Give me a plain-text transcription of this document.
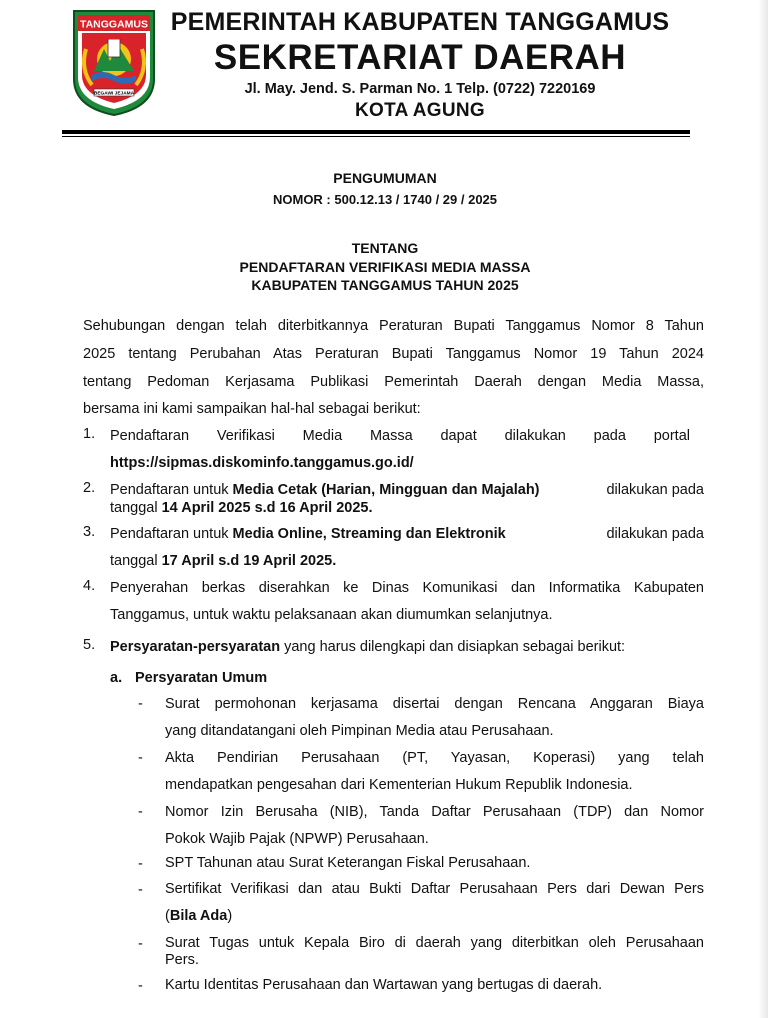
TANGGAMUS
BEGAWI JEJAMA
PEMERINTAH KABUPATEN TANGGAMUS
SEKRETARIAT DAERAH
Jl. May. Jend. S. Parman No. 1 Telp. (0722) 7220169
KOTA AGUNG
PENGUMUMAN
NOMOR : 500.12.13 / 1740 / 29 / 2025
TENTANG
PENDAFTARAN VERIFIKASI MEDIA MASSA
KABUPATEN TANGGAMUS TAHUN 2025
Sehubungan dengan telah diterbitkannya Peraturan Bupati Tanggamus Nomor 8 Tahun
2025 tentang Perubahan Atas Peraturan Bupati Tanggamus Nomor 19 Tahun 2024
tentang Pedoman Kerjasama Publikasi Pemerintah Daerah dengan Media Massa,
bersama ini kami sampaikan hal-hal sebagai berikut:
1. Pendaftaran Verifikasi Media Massa dapat dilakukan pada portal
https://sipmas.diskominfo.tanggamus.go.id/
2. Pendaftaran untuk Media Cetak (Harian, Mingguan dan Majalah)	dilakukan pada
tanggal 14 April 2025 s.d 16 April 2025.
3. Pendaftaran untuk Media Online, Streaming dan Elektronik	dilakukan pada
tanggal 17 April s.d 19 April 2025.
4. Penyerahan berkas diserahkan ke Dinas Komunikasi dan Informatika Kabupaten
Tanggamus, untuk waktu pelaksanaan akan diumumkan selanjutnya.
5. Persyaratan-persyaratan yang harus dilengkapi dan disiapkan sebagai berikut:
a. Persyaratan Umum
- Surat permohonan kerjasama disertai dengan Rencana Anggaran Biaya
yang ditandatangani oleh Pimpinan Media atau Perusahaan.
- Akta Pendirian Perusahaan (PT, Yayasan, Koperasi) yang telah
mendapatkan pengesahan dari Kementerian Hukum Republik Indonesia.
- Nomor Izin Berusaha (NIB), Tanda Daftar Perusahaan (TDP) dan Nomor
Pokok Wajib Pajak (NPWP) Perusahaan.
- SPT Tahunan atau Surat Keterangan Fiskal Perusahaan.
- Sertifikat Verifikasi dan atau Bukti Daftar Perusahaan Pers dari Dewan Pers
(Bila Ada)
- Surat Tugas untuk Kepala Biro di daerah yang diterbitkan oleh Perusahaan
Pers.
- Kartu Identitas Perusahaan dan Wartawan yang bertugas di daerah.
